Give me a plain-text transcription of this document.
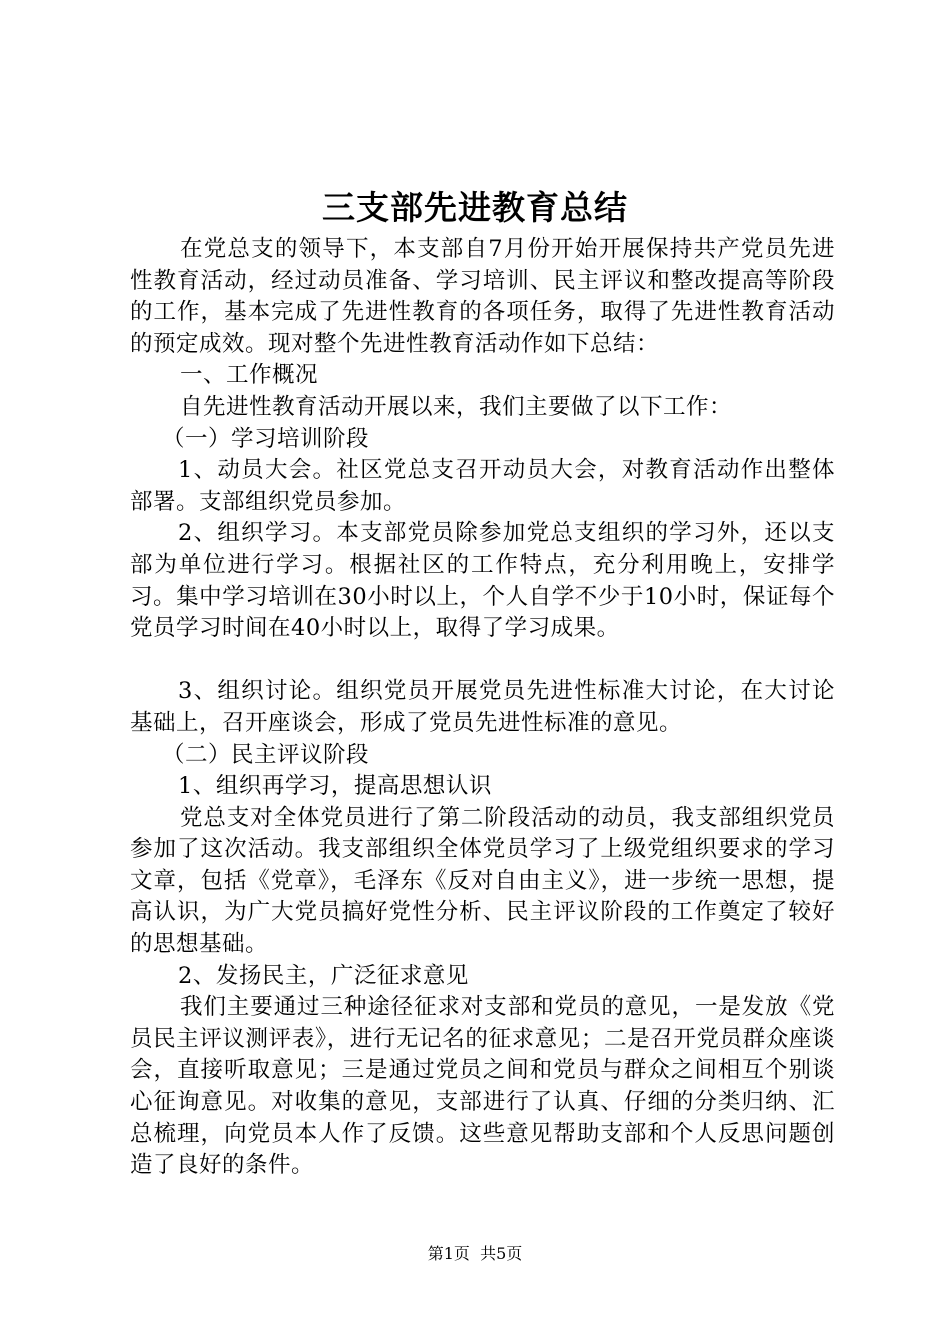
三支部先进教育总结

在党总支的领导下，本支部自7月份开始开展保持共产党员先进性教育活动，经过动员准备、学习培训、民主评议和整改提高等阶段的工作，基本完成了先进性教育的各项任务，取得了先进性教育活动的预定成效。现对整个先进性教育活动作如下总结：

一、工作概况

自先进性教育活动开展以来，我们主要做了以下工作：

（一）学习培训阶段

1、动员大会。社区党总支召开动员大会，对教育活动作出整体部署。支部组织党员参加。

2、组织学习。本支部党员除参加党总支组织的学习外，还以支部为单位进行学习。根据社区的工作特点，充分利用晚上，安排学习。集中学习培训在30小时以上，个人自学不少于10小时，保证每个党员学习时间在40小时以上，取得了学习成果。

3、组织讨论。组织党员开展党员先进性标准大讨论，在大讨论基础上，召开座谈会，形成了党员先进性标准的意见。

（二）民主评议阶段

1、组织再学习，提高思想认识

党总支对全体党员进行了第二阶段活动的动员，我支部组织党员参加了这次活动。我支部组织全体党员学习了上级党组织要求的学习文章，包括《党章》，毛泽东《反对自由主义》，进一步统一思想，提高认识，为广大党员搞好党性分析、民主评议阶段的工作奠定了较好的思想基础。

2、发扬民主，广泛征求意见

我们主要通过三种途径征求对支部和党员的意见，一是发放《党员民主评议测评表》，进行无记名的征求意见；二是召开党员群众座谈会，直接听取意见；三是通过党员之间和党员与群众之间相互个别谈心征询意见。对收集的意见，支部进行了认真、仔细的分类归纳、汇总梳理，向党员本人作了反馈。这些意见帮助支部和个人反思问题创造了良好的条件。

第1页  共5页
